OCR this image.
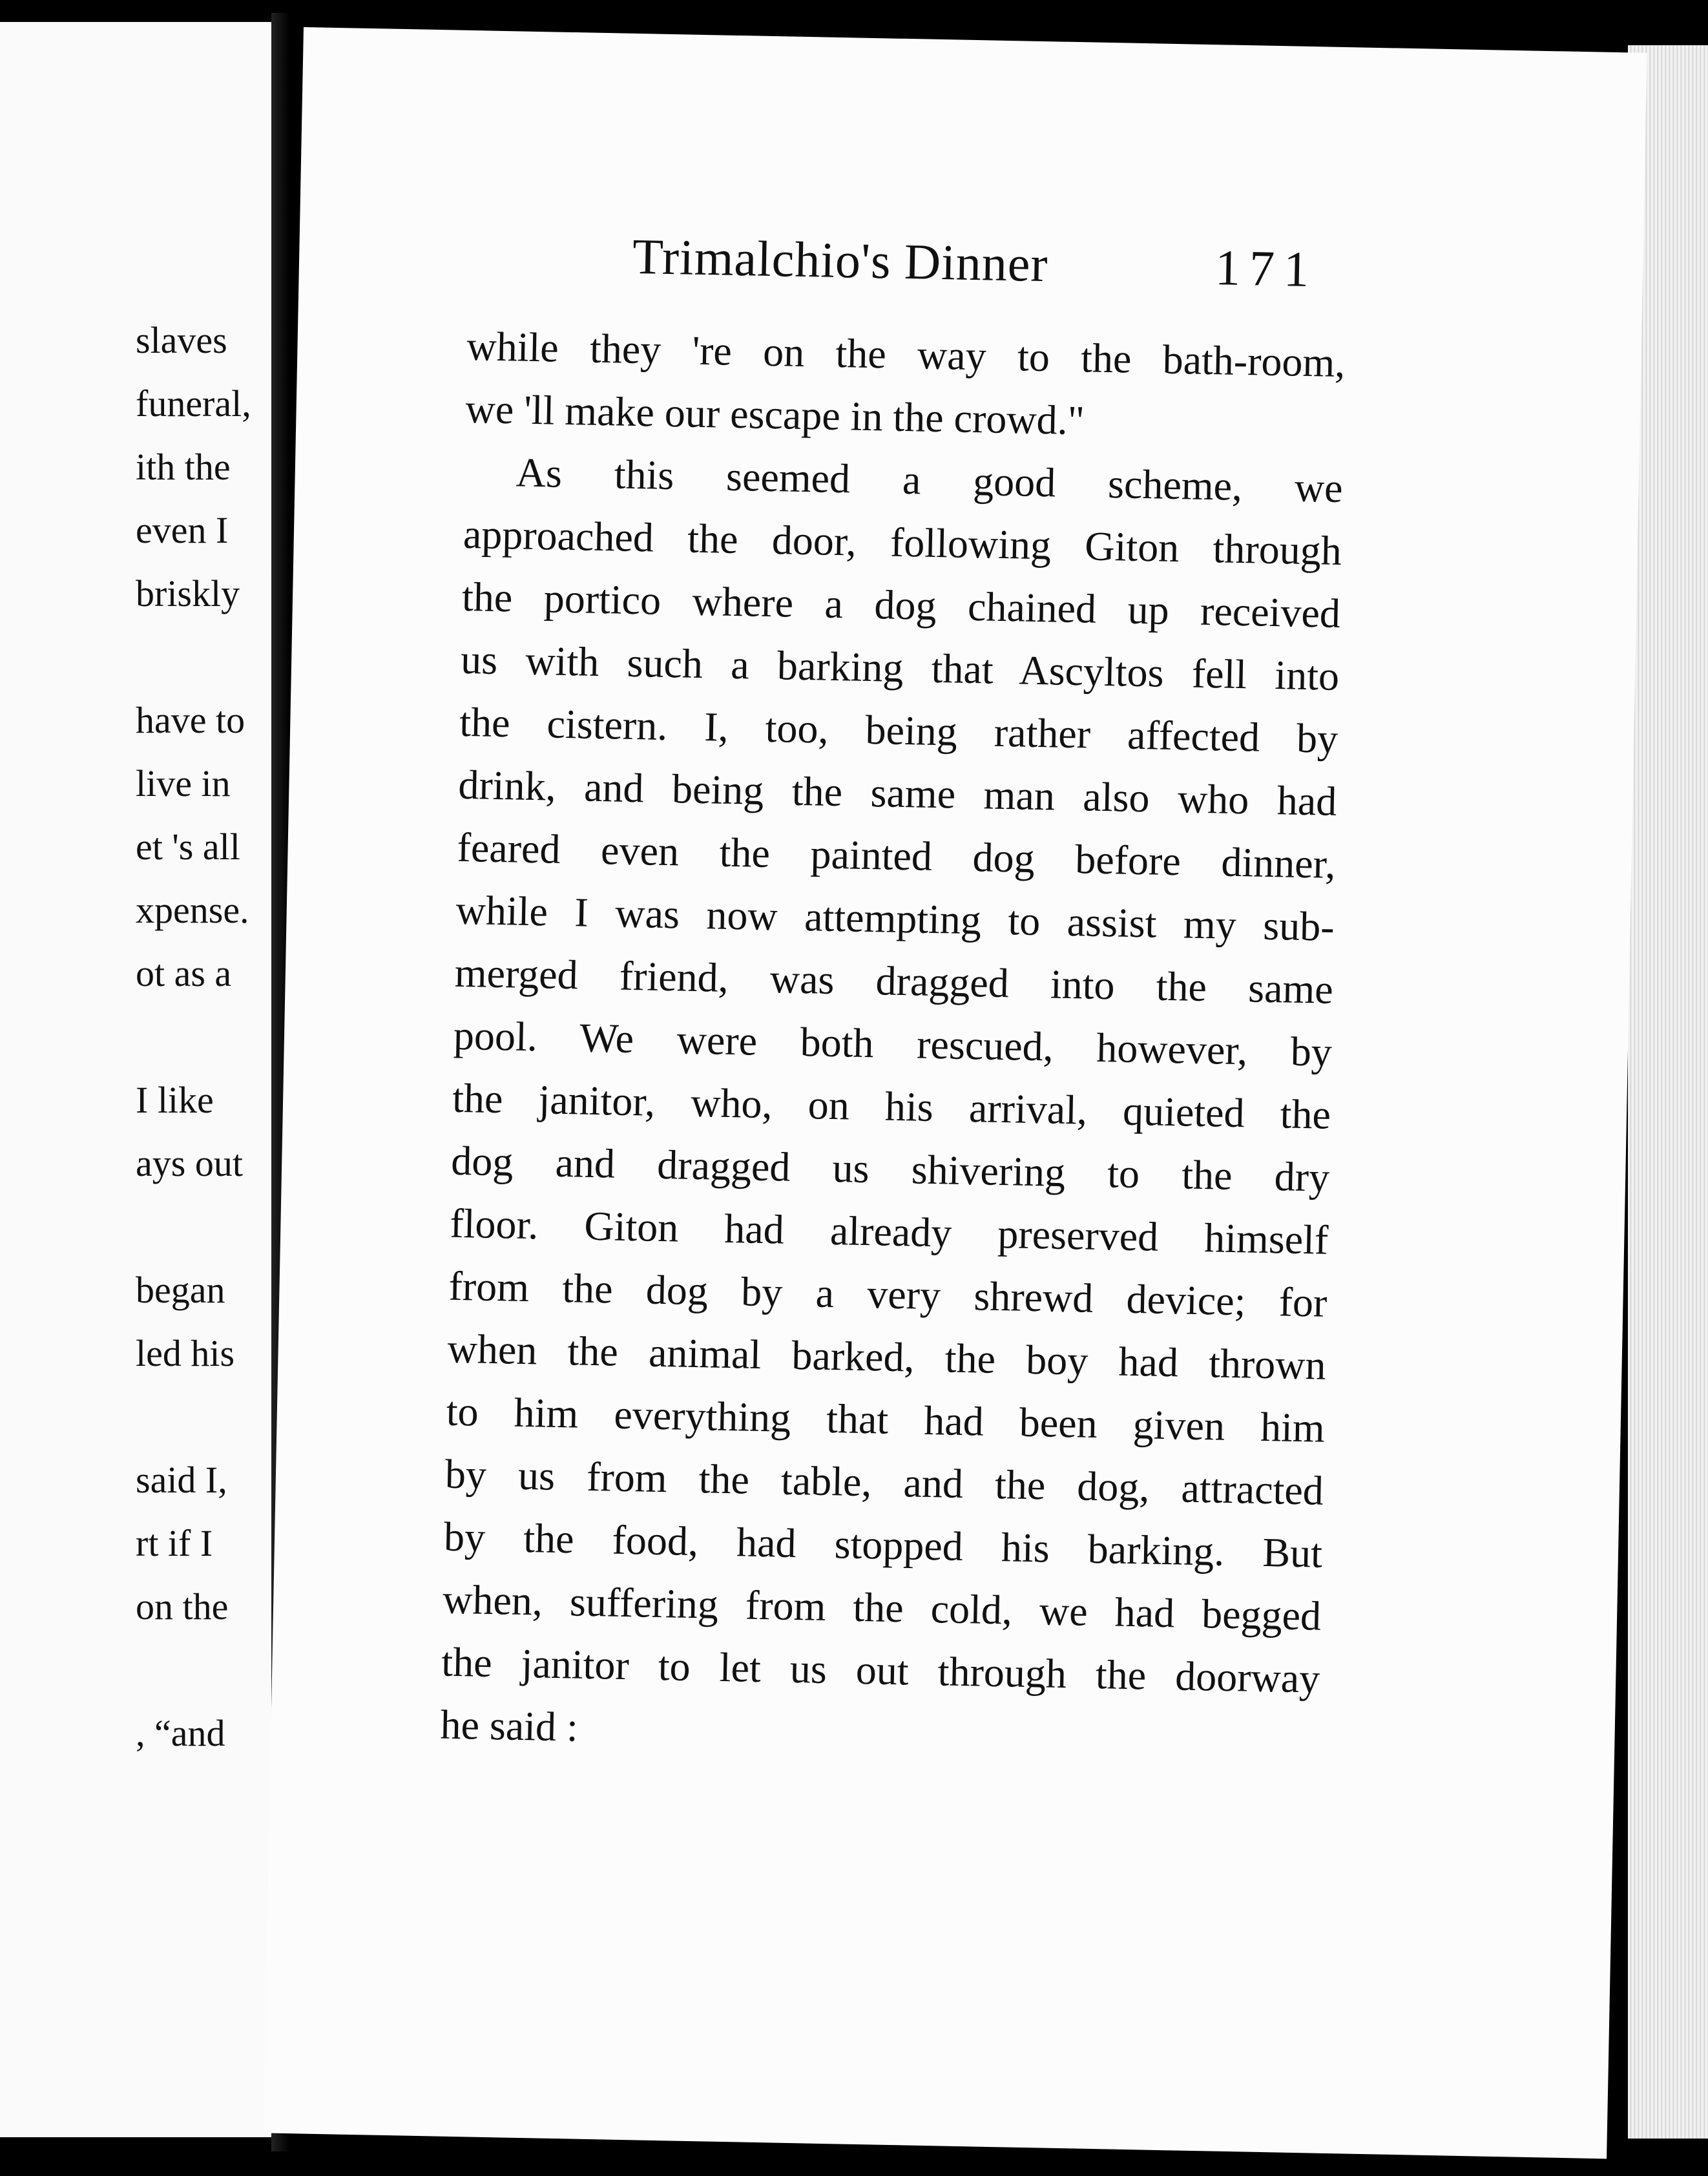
slaves
funeral,
ith the
even I
briskly
have to
live in
et 's all
xpense.
ot as a
I like
ays out
began
led his
said I,
rt if I
on the
, “and
Trimalchio's Dinner	171
while they 're on the way to the bath-room,
we 'll make our escape in the crowd."
As this seemed a good scheme, we
approached the door, following Giton through
the portico where a dog chained up received
us with such a barking that Ascyltos fell into
the cistern. I, too, being rather affected by
drink, and being the same man also who had
feared even the painted dog before dinner,
while I was now attempting to assist my sub-
merged friend, was dragged into the same
pool. We were both rescued, however, by
the janitor, who, on his arrival, quieted the
dog and dragged us shivering to the dry
floor. Giton had already preserved himself
from the dog by a very shrewd device; for
when the animal barked, the boy had thrown
to him everything that had been given him
by us from the table, and the dog, attracted
by the food, had stopped his barking. But
when, suffering from the cold, we had begged
the janitor to let us out through the doorway
he said :
